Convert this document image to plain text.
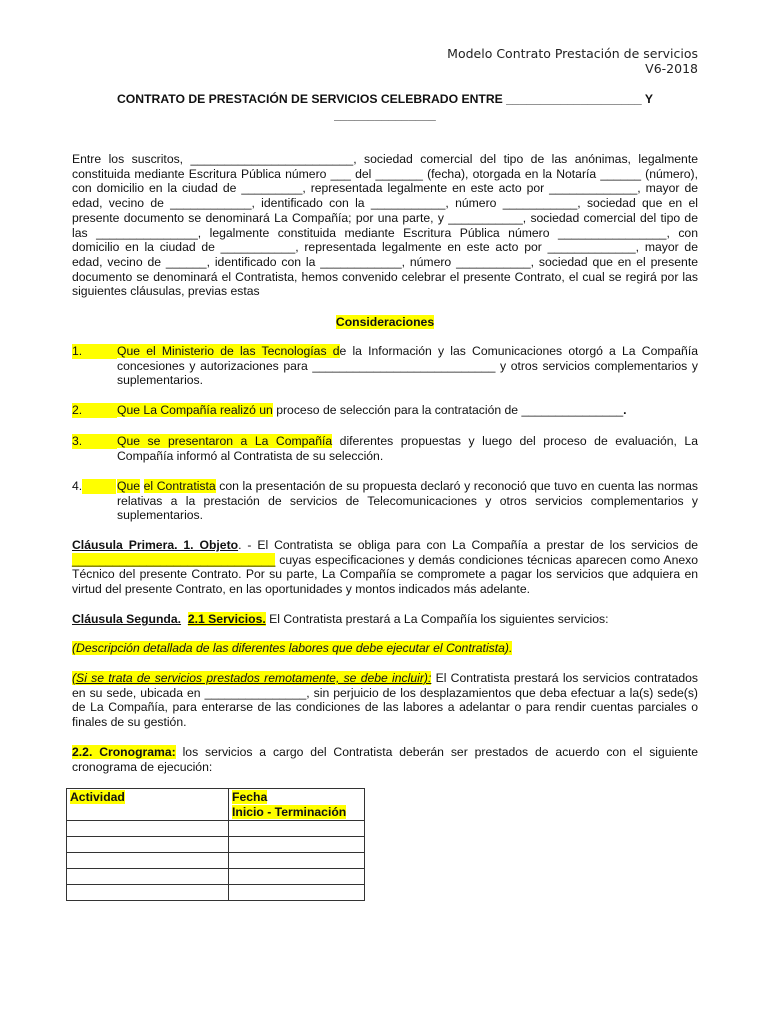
Modelo Contrato Prestación de servicios
V6-2018
CONTRATO DE PRESTACIÓN DE SERVICIOS CELEBRADO ENTRE ____________________ Y
_______________
Entre los suscritos, ________________________, sociedad comercial del tipo de las anónimas, legalmente constituida mediante Escritura Pública número ___ del _______ (fecha), otorgada en la Notaría ______ (número), con domicilio en la ciudad de _________, representada legalmente en este acto por _____________, mayor de edad, vecino de ____________, identificado con la ___________, número ___________, sociedad que en el presente documento se denominará La Compañía; por una parte, y ___________, sociedad comercial del tipo de las _______________, legalmente constituida mediante Escritura Pública número ________________, con domicilio en la ciudad de ___________, representada legalmente en este acto por _____________, mayor de edad, vecino de ______, identificado con la ____________, número ___________, sociedad que en el presente documento se denominará el Contratista, hemos convenido celebrar el presente Contrato, el cual se regirá por las siguientes cláusulas, previas estas
Consideraciones
1.	Que el Ministerio de las Tecnologías de la Información y las Comunicaciones otorgó a La Compañía concesiones y autorizaciones para ___________________________ y otros servicios complementarios y suplementarios.
2.	Que La Compañía realizó un proceso de selección para la contratación de _______________.
3.	Que se presentaron a La Compañía diferentes propuestas y luego del proceso de evaluación, La Compañía informó al Contratista de su selección.
4.	Que el Contratista con la presentación de su propuesta declaró y reconoció que tuvo en cuenta las normas relativas a la prestación de servicios de Telecomunicaciones y otros servicios complementarios y suplementarios.
Cláusula Primera. 1. Objeto. - El Contratista se obliga para con La Compañía a prestar de los servicios de ______________________________ cuyas especificaciones y demás condiciones técnicas aparecen como Anexo Técnico del presente Contrato. Por su parte, La Compañía se compromete a pagar los servicios que adquiera en virtud del presente Contrato, en las oportunidades y montos indicados más adelante.
Cláusula Segunda. 2.1 Servicios. El Contratista prestará a La Compañía los siguientes servicios:
(Descripción detallada de las diferentes labores que debe ejecutar el Contratista).
(Si se trata de servicios prestados remotamente, se debe incluir): El Contratista prestará los servicios contratados en su sede, ubicada en _______________, sin perjuicio de los desplazamientos que deba efectuar a la(s) sede(s) de La Compañía, para enterarse de las condiciones de las labores a adelantar o para rendir cuentas parciales o finales de su gestión.
2.2. Cronograma: los servicios a cargo del Contratista deberán ser prestados de acuerdo con el siguiente cronograma de ejecución:
Actividad	Fecha
Inicio - Terminación
